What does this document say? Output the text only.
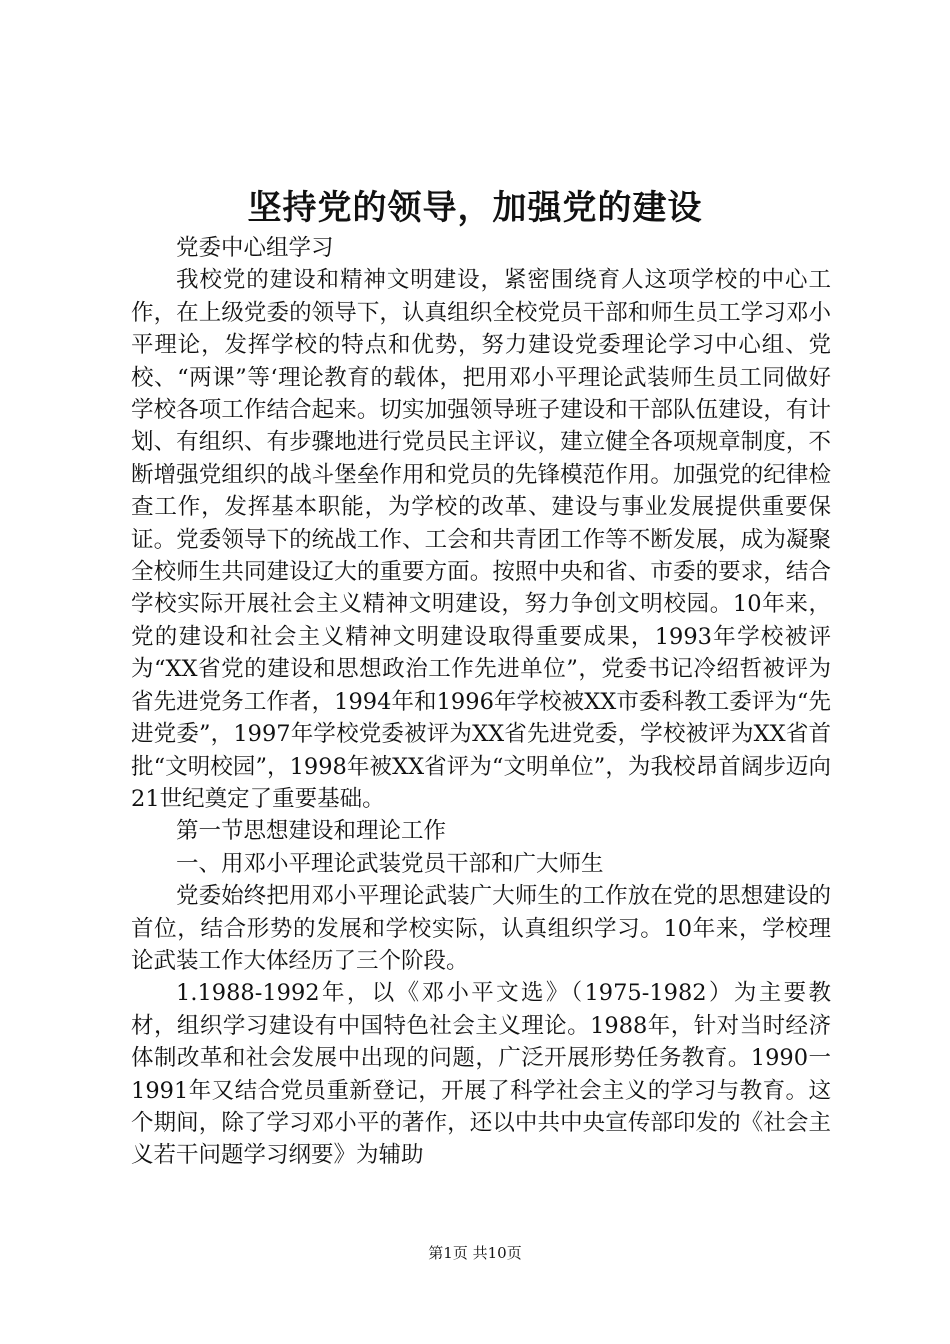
坚持党的领导，加强党的建设

党委中心组学习

我校党的建设和精神文明建设，紧密围绕育人这项学校的中心工作，在上级党委的领导下，认真组织全校党员干部和师生员工学习邓小平理论，发挥学校的特点和优势，努力建设党委理论学习中心组、党校、“两课”等‘理论教育的载体，把用邓小平理论武装师生员工同做好学校各项工作结合起来。切实加强领导班子建设和干部队伍建设，有计划、有组织、有步骤地进行党员民主评议，建立健全各项规章制度，不断增强党组织的战斗堡垒作用和党员的先锋模范作用。加强党的纪律检查工作，发挥基本职能，为学校的改革、建设与事业发展提供重要保证。党委领导下的统战工作、工会和共青团工作等不断发展，成为凝聚全校师生共同建设辽大的重要方面。按照中央和省、市委的要求，结合学校实际开展社会主义精神文明建设，努力争创文明校园。10年来，党的建设和社会主义精神文明建设取得重要成果，1993年学校被评为“XX省党的建设和思想政治工作先进单位”，党委书记冷绍哲被评为省先进党务工作者，1994年和1996年学校被XX市委科教工委评为“先进党委”，1997年学校党委被评为XX省先进党委，学校被评为XX省首批“文明校园”，1998年被XX省评为“文明单位”，为我校昂首阔步迈向21世纪奠定了重要基础。

第一节思想建设和理论工作

一、用邓小平理论武装党员干部和广大师生

党委始终把用邓小平理论武装广大师生的工作放在党的思想建设的首位，结合形势的发展和学校实际，认真组织学习。10年来，学校理论武装工作大体经历了三个阶段。

1.1988-1992年，以《邓小平文选》（1975-1982）为主要教材，组织学习建设有中国特色社会主义理论。1988年，针对当时经济体制改革和社会发展中出现的问题，广泛开展形势任务教育。1990一1991年又结合党员重新登记，开展了科学社会主义的学习与教育。这个期间，除了学习邓小平的著作，还以中共中央宣传部印发的《社会主义若干问题学习纲要》为辅助

第1页 共10页
